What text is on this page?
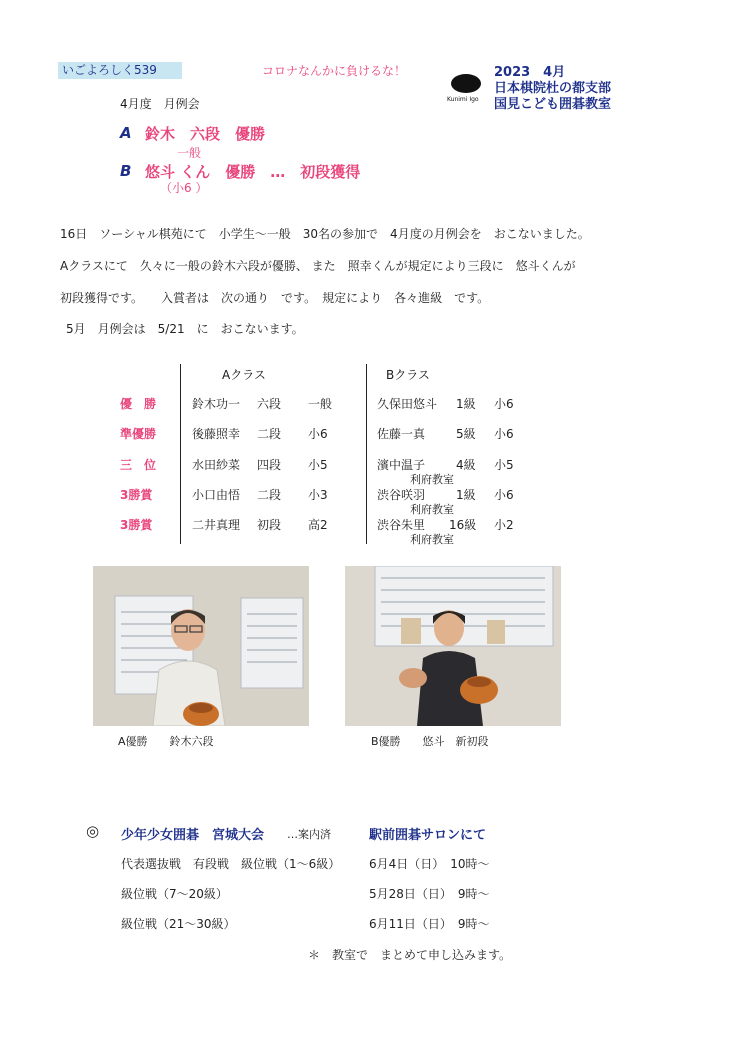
いごよろしく539	コロナなんかに負けるな！
Kunimi Igo
2023　4月
日本棋院杜の都支部
国見こども囲碁教室
4月度　月例会
A 鈴木　六段　優勝
一般
B 悠斗 くん　優勝　…　初段獲得
（小6 ）
16日　ソーシャル棋苑にて　小学生～一般　30名の参加で　4月度の月例会を　おこないました。
Aクラスにて　久々に一般の鈴木六段が優勝、 また　照幸くんが規定により三段に　悠斗くんが
初段獲得です。　　入賞者は　次の通り　です。　規定により　各々進級　です。
5月　月例会は　5/21　に　おこないます。
Aクラス	Bクラス
優　勝	鈴木功一 六段 一般	久保田悠斗 1級 小6
準優勝	後藤照幸 二段 小6	佐藤一真	5級 小6
三　位	水田紗菜 四段 小5	濱中温子	4級 小5
利府教室
3勝賞	小口由悟 二段 小3	渋谷咲羽	1級 小6
利府教室
3勝賞	二井真理 初段 高2	渋谷朱里 16級 小2
利府教室
A優勝　　鈴木六段	B優勝　　悠斗　新初段
◎ 少年少女囲碁　宮城大会 …案内済	駅前囲碁サロンにて
代表選抜戦　有段戦　級位戦（1～6級） 6月4日（日）　10時～
級位戦（7～20級）	5月28日（日）　9時～
級位戦（21～30級）	6月11日（日）　9時～
＊　教室で　まとめて申し込みます。
